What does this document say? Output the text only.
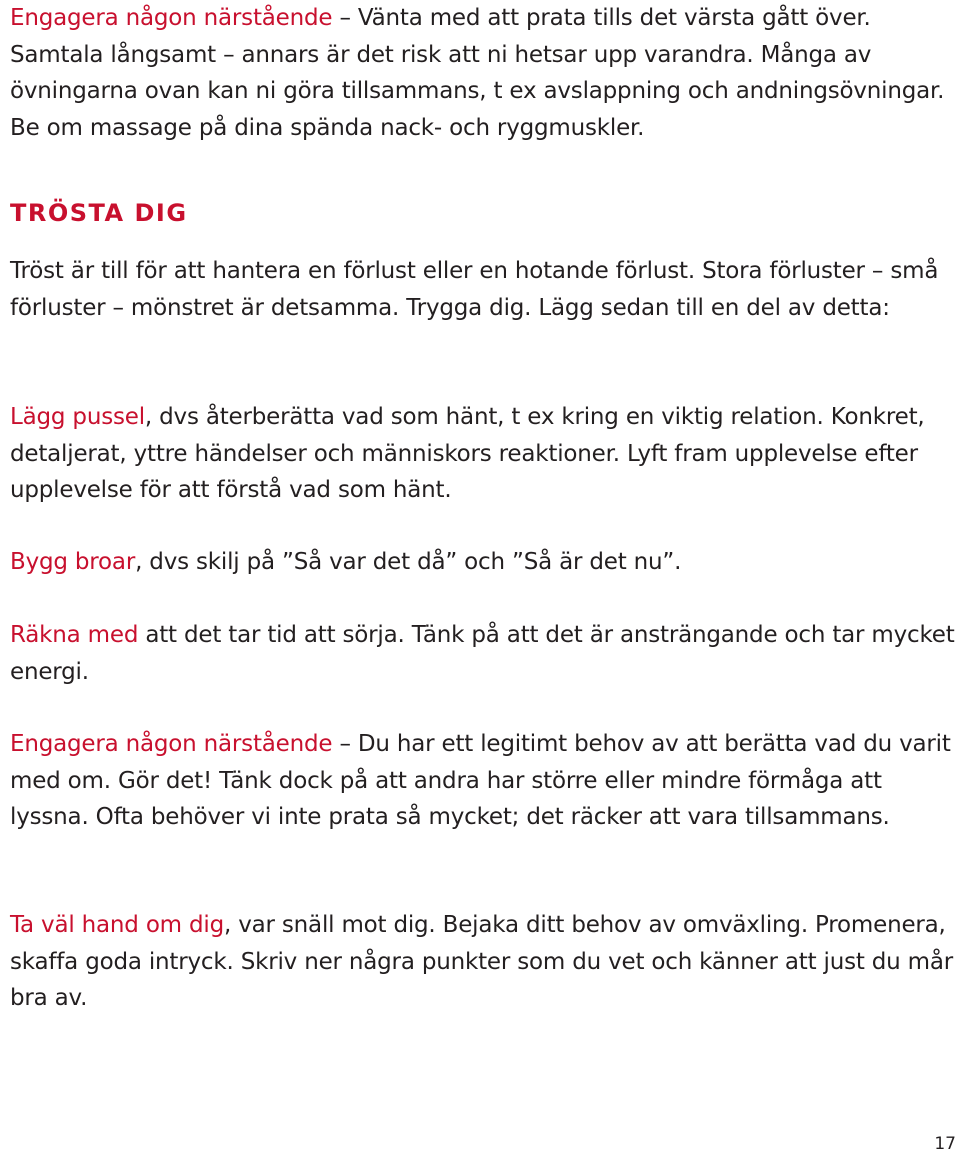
Engagera någon närstående – Vänta med att prata tills det värsta gått över. Samtala långsamt – annars är det risk att ni hetsar upp varandra. Många av övningarna ovan kan ni göra tillsammans, t ex avslappning och andningsövningar. Be om massage på dina spända nack- och ryggmuskler.

TRÖSTA DIG

Tröst är till för att hantera en förlust eller en hotande förlust. Stora förluster – små förluster – mönstret är detsamma. Trygga dig. Lägg sedan till en del av detta:

Lägg pussel, dvs återberätta vad som hänt, t ex kring en viktig relation. Konkret, detaljerat, yttre händelser och människors reaktioner. Lyft fram upplevelse efter upplevelse för att förstå vad som hänt.

Bygg broar, dvs skilj på ”Så var det då” och ”Så är det nu”.

Räkna med att det tar tid att sörja. Tänk på att det är ansträngande och tar mycket energi.

Engagera någon närstående – Du har ett legitimt behov av att berätta vad du varit med om. Gör det! Tänk dock på att andra har större eller mindre förmåga att lyssna. Ofta behöver vi inte prata så mycket; det räcker att vara tillsammans.

Ta väl hand om dig, var snäll mot dig. Bejaka ditt behov av omväxling. Promenera, skaffa goda intryck. Skriv ner några punkter som du vet och känner att just du mår bra av.

17
